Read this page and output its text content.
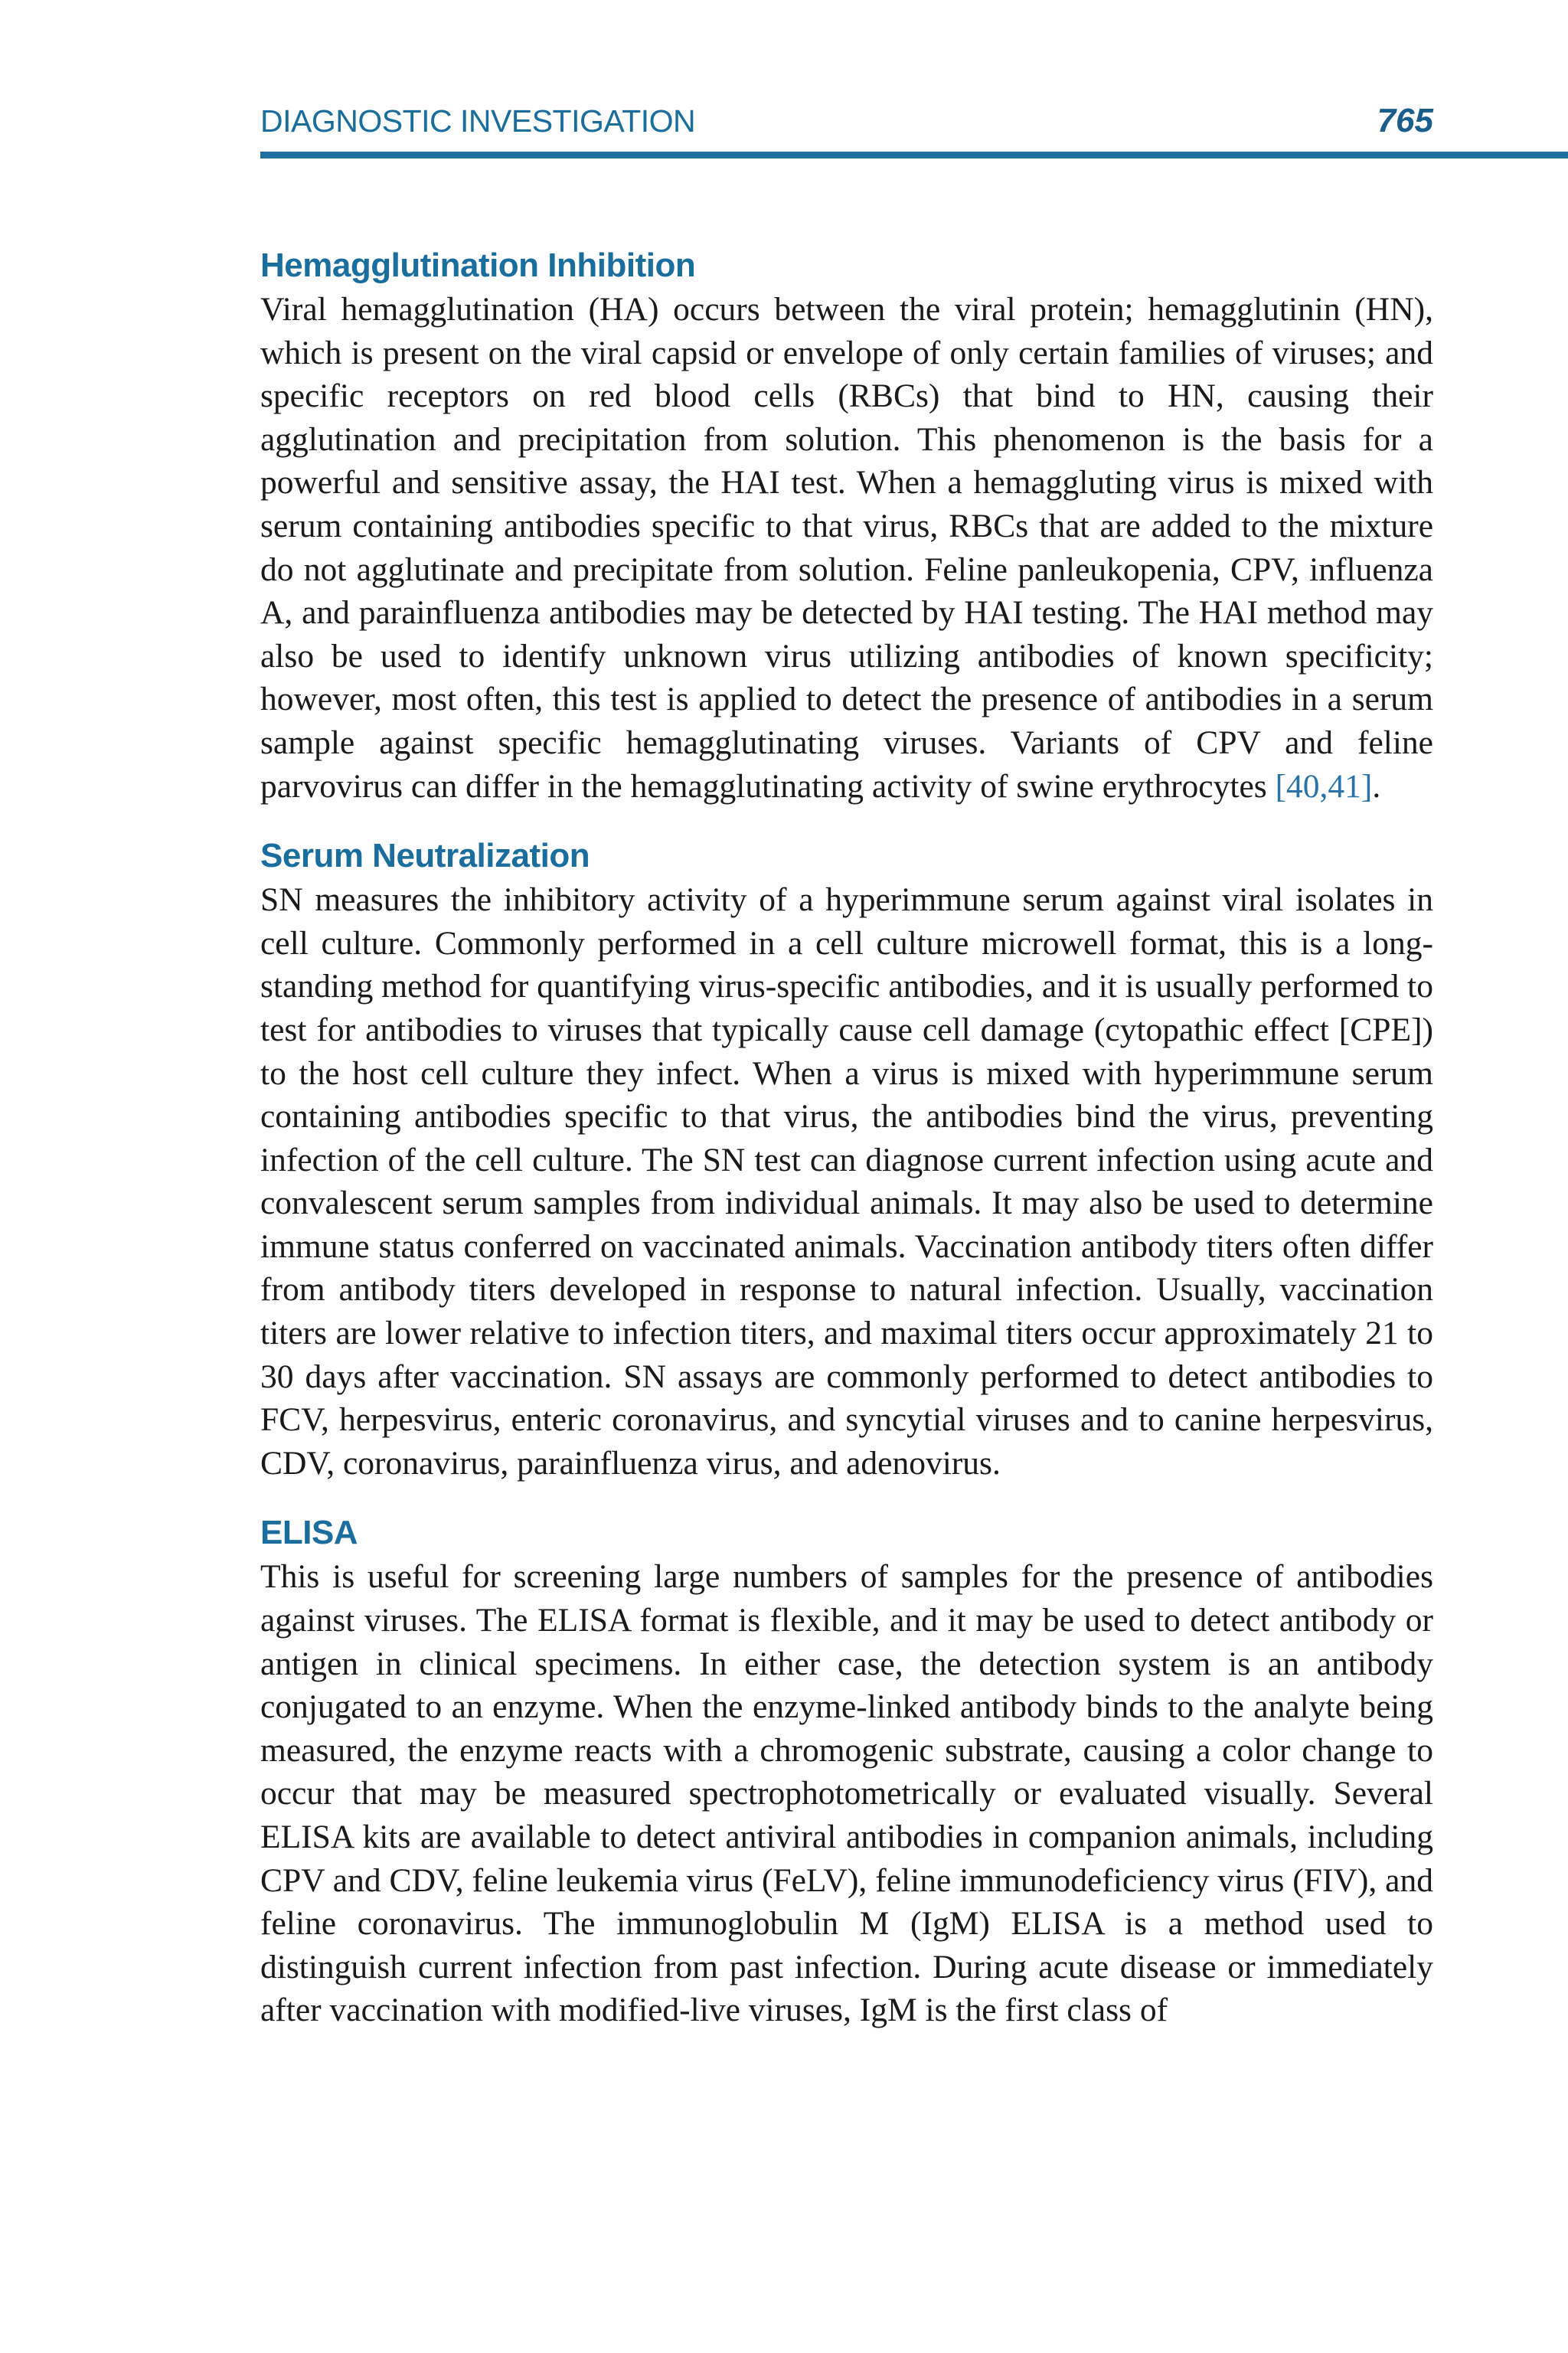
DIAGNOSTIC INVESTIGATION	765
Hemagglutination Inhibition

Viral hemagglutination (HA) occurs between the viral protein; hemagglutinin (HN), which is present on the viral capsid or envelope of only certain families of viruses; and specific receptors on red blood cells (RBCs) that bind to HN, causing their agglutination and precipitation from solution. This phenomenon is the basis for a powerful and sensitive assay, the HAI test. When a hemaggluting virus is mixed with serum containing antibodies specific to that virus, RBCs that are added to the mixture do not agglutinate and precipitate from solution. Feline panleukopenia, CPV, influenza A, and parainfluenza antibodies may be detected by HAI testing. The HAI method may also be used to identify unknown virus utilizing antibodies of known specificity; however, most often, this test is applied to detect the presence of antibodies in a serum sample against specific hemagglutinating viruses. Variants of CPV and feline parvovirus can differ in the hemagglutinating activity of swine erythrocytes [40,41].

Serum Neutralization

SN measures the inhibitory activity of a hyperimmune serum against viral isolates in cell culture. Commonly performed in a cell culture microwell format, this is a long-standing method for quantifying virus-specific antibodies, and it is usually performed to test for antibodies to viruses that typically cause cell damage (cytopathic effect [CPE]) to the host cell culture they infect. When a virus is mixed with hyperimmune serum containing antibodies specific to that virus, the antibodies bind the virus, preventing infection of the cell culture. The SN test can diagnose current infection using acute and convalescent serum samples from individual animals. It may also be used to determine immune status conferred on vaccinated animals. Vaccination antibody titers often differ from antibody titers developed in response to natural infection. Usually, vaccination titers are lower relative to infection titers, and maximal titers occur approximately 21 to 30 days after vaccination. SN assays are commonly performed to detect antibodies to FCV, herpesvirus, enteric coronavirus, and syncytial viruses and to canine herpesvirus, CDV, coronavirus, parainfluenza virus, and adenovirus.

ELISA

This is useful for screening large numbers of samples for the presence of antibodies against viruses. The ELISA format is flexible, and it may be used to detect antibody or antigen in clinical specimens. In either case, the detection system is an antibody conjugated to an enzyme. When the enzyme-linked antibody binds to the analyte being measured, the enzyme reacts with a chromogenic substrate, causing a color change to occur that may be measured spectrophotometrically or evaluated visually. Several ELISA kits are available to detect antiviral antibodies in companion animals, including CPV and CDV, feline leukemia virus (FeLV), feline immunodeficiency virus (FIV), and feline coronavirus. The immunoglobulin M (IgM) ELISA is a method used to distinguish current infection from past infection. During acute disease or immediately after vaccination with modified-live viruses, IgM is the first class of
